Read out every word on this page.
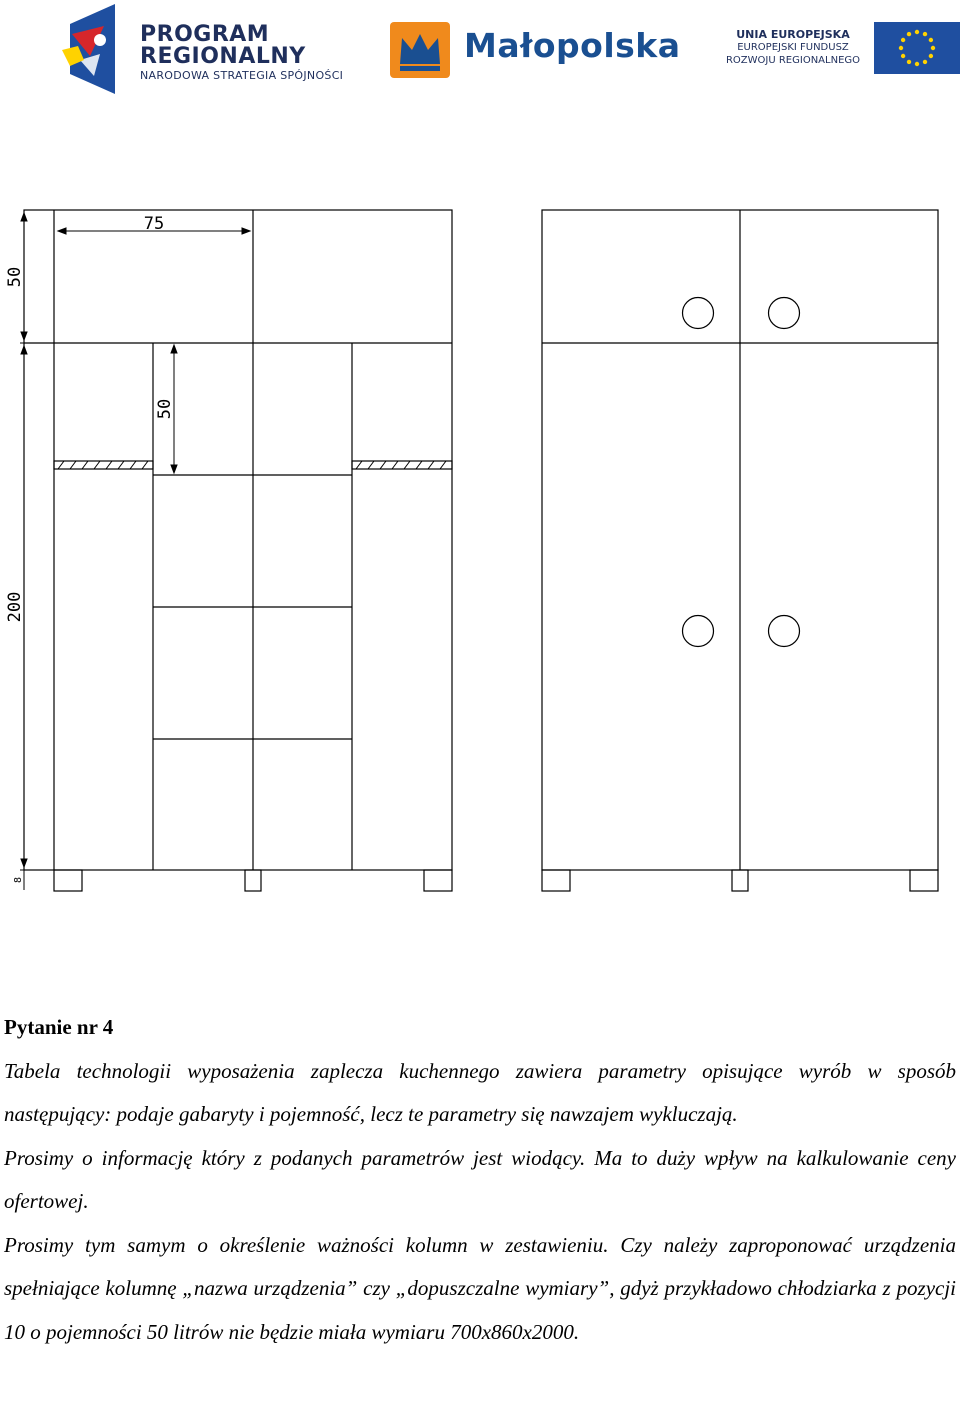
PROGRAM
REGIONALNY
NARODOWA STRATEGIA SPÓJNOŚCI
Małopolska	UNIA EUROPEJSKA
EUROPEJSKI FUNDUSZ
ROZWOJU REGIONALNEGO
75
50
50
200
8

Pytanie nr 4

Tabela technologii wyposażenia zaplecza kuchennego zawiera parametry opisujące wyrób w sposób następujący: podaje gabaryty i pojemność, lecz te parametry się nawzajem wykluczają.

Prosimy o informację który z podanych parametrów jest wiodący. Ma to duży wpływ na kalkulowanie ceny ofertowej.

Prosimy tym samym o określenie ważności kolumn w zestawieniu. Czy należy zaproponować urządzenia spełniające kolumnę „nazwa urządzenia” czy „dopuszczalne wymiary”, gdyż przykładowo chłodziarka z pozycji 10 o pojemności 50 litrów nie będzie miała wymiaru 700x860x2000.
